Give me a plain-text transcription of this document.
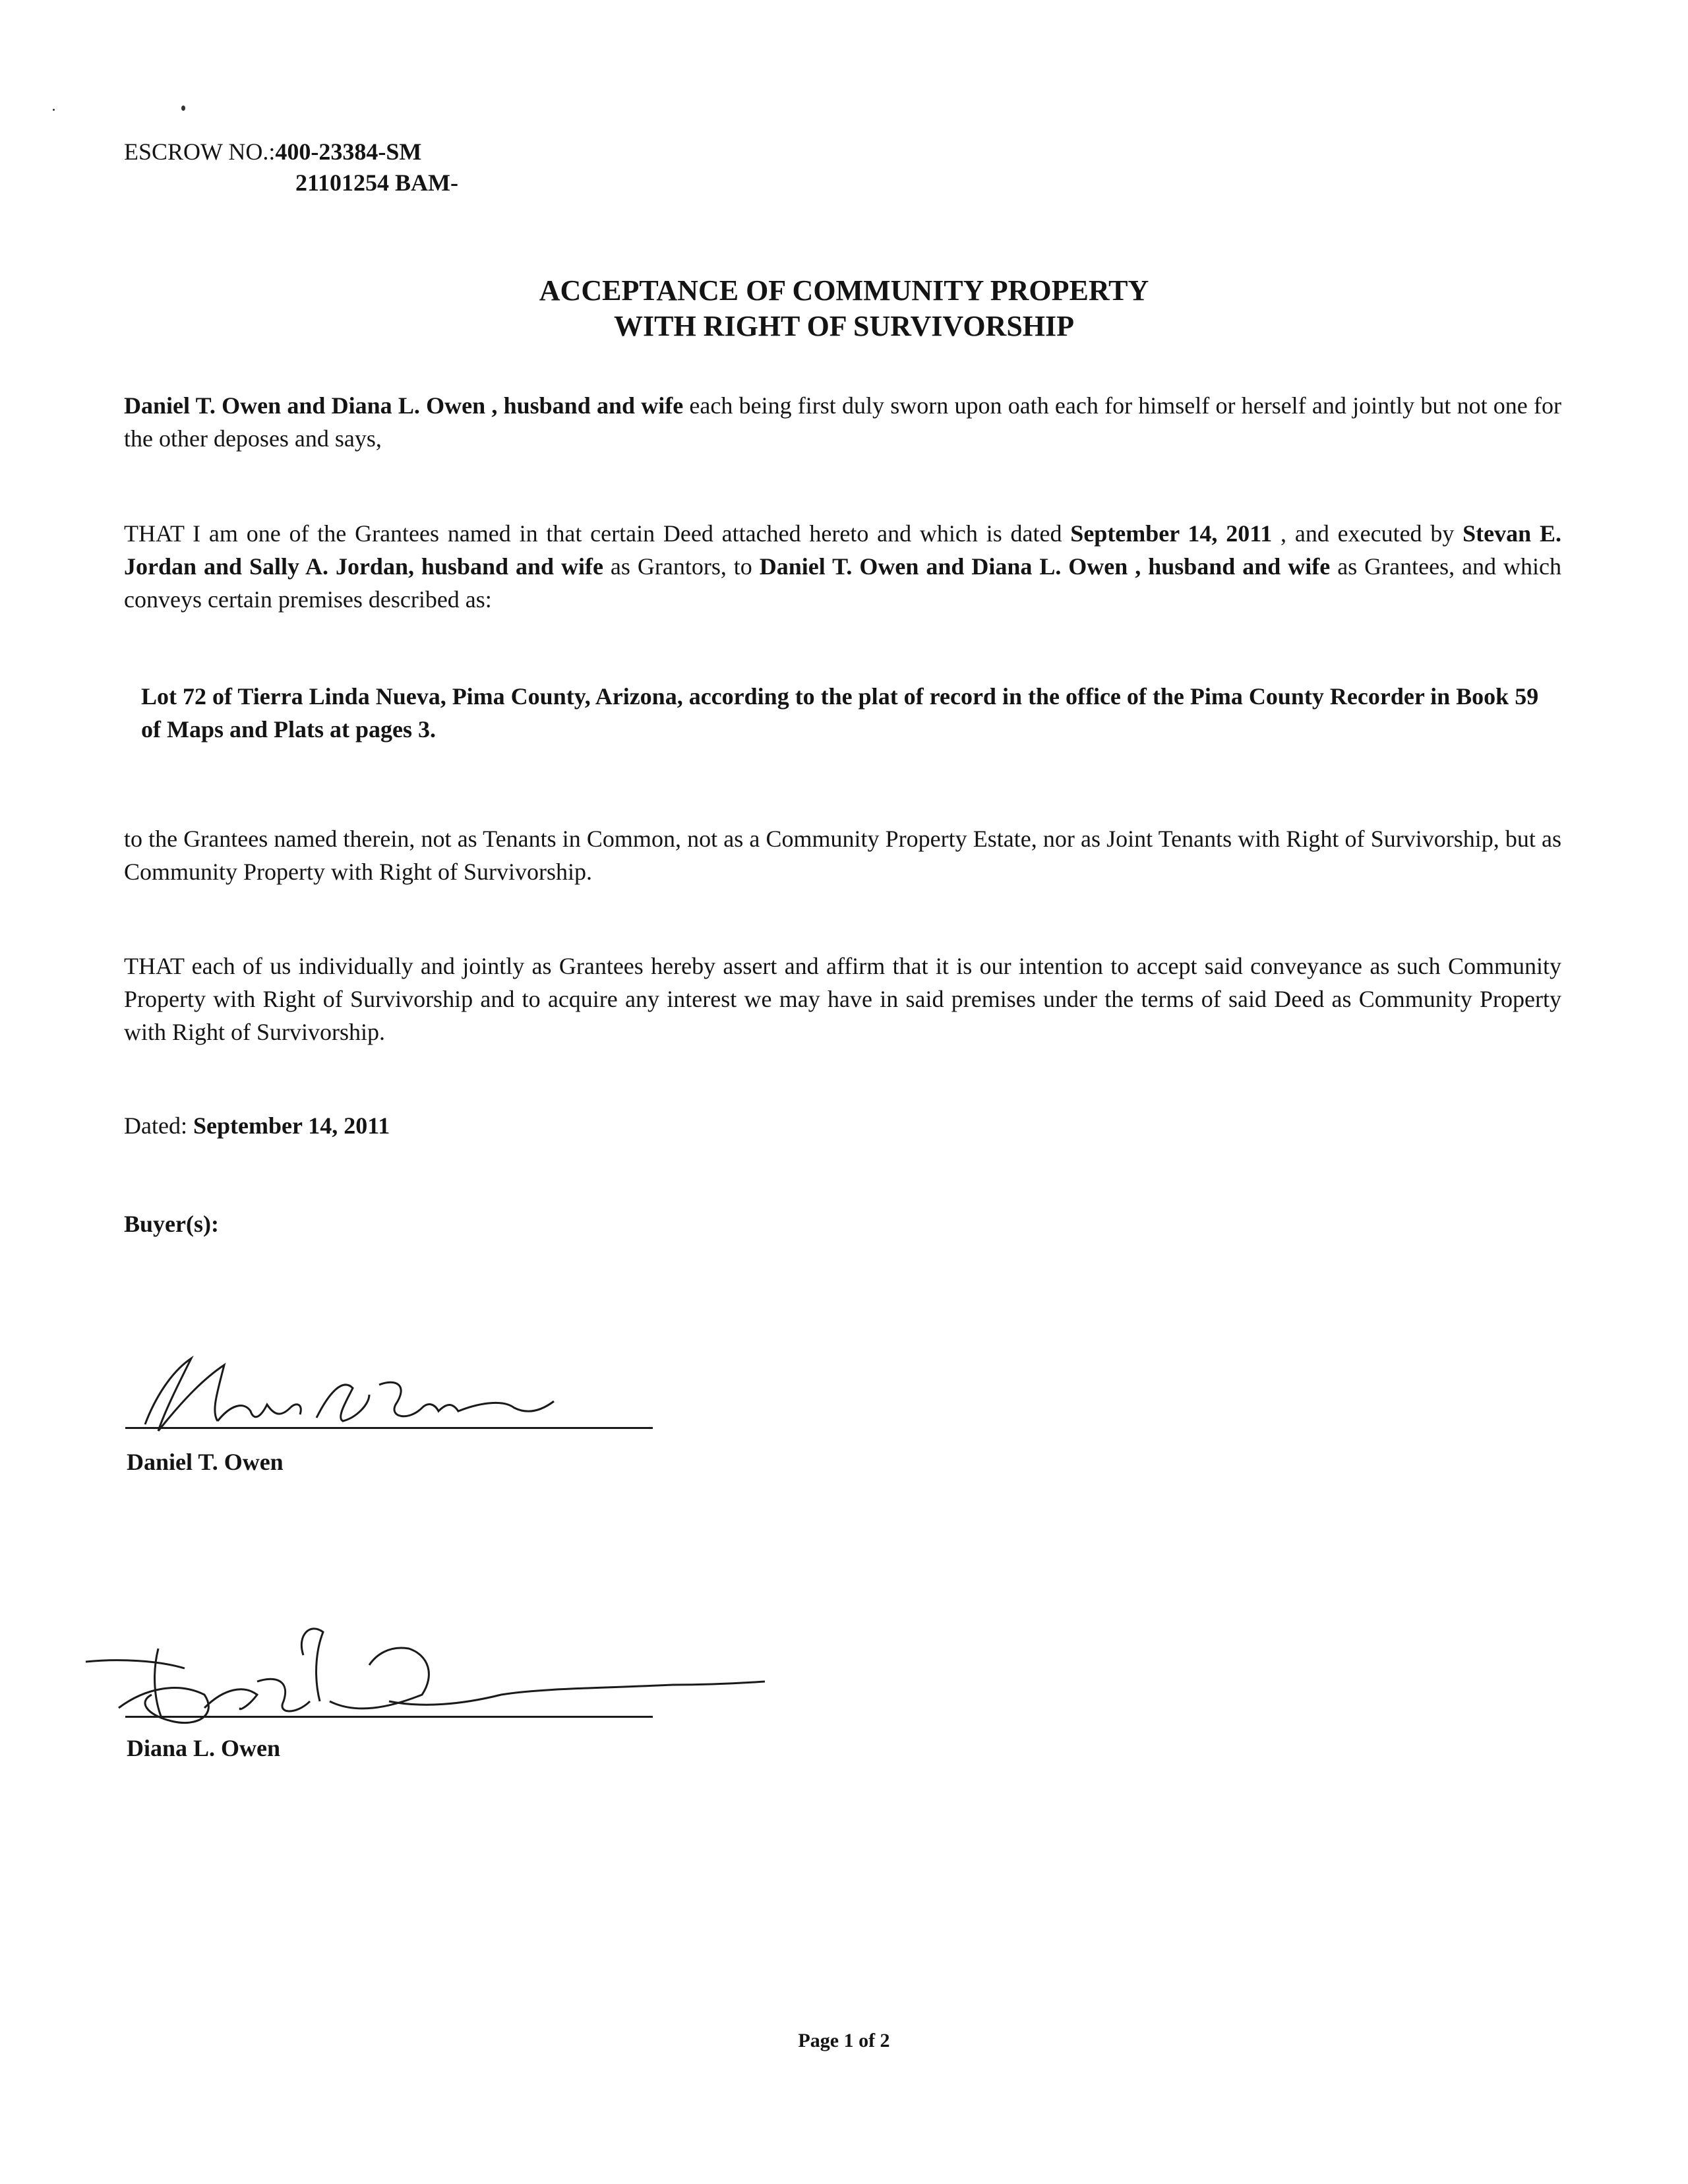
ESCROW NO.:400-23384-SM
21101254 BAM-
ACCEPTANCE OF COMMUNITY PROPERTY
WITH RIGHT OF SURVIVORSHIP
Daniel T. Owen and Diana L. Owen , husband and wife each being first duly sworn upon oath each for himself or herself and jointly but not one for the other deposes and says,
THAT I am one of the Grantees named in that certain Deed attached hereto and which is dated September 14, 2011 , and executed by Stevan E. Jordan and Sally A. Jordan, husband and wife as Grantors, to Daniel T. Owen and Diana L. Owen , husband and wife as Grantees, and which conveys certain premises described as:
Lot 72 of Tierra Linda Nueva, Pima County, Arizona, according to the plat of record in the office of the Pima County Recorder in Book 59 of Maps and Plats at pages 3.
to the Grantees named therein, not as Tenants in Common, not as a Community Property Estate, nor as Joint Tenants with Right of Survivorship, but as Community Property with Right of Survivorship.
THAT each of us individually and jointly as Grantees hereby assert and affirm that it is our intention to accept said conveyance as such Community Property with Right of Survivorship and to acquire any interest we may have in said premises under the terms of said Deed as Community Property with Right of Survivorship.
Dated: September 14, 2011
Buyer(s):
Daniel T. Owen
Diana L. Owen
Page 1 of 2
